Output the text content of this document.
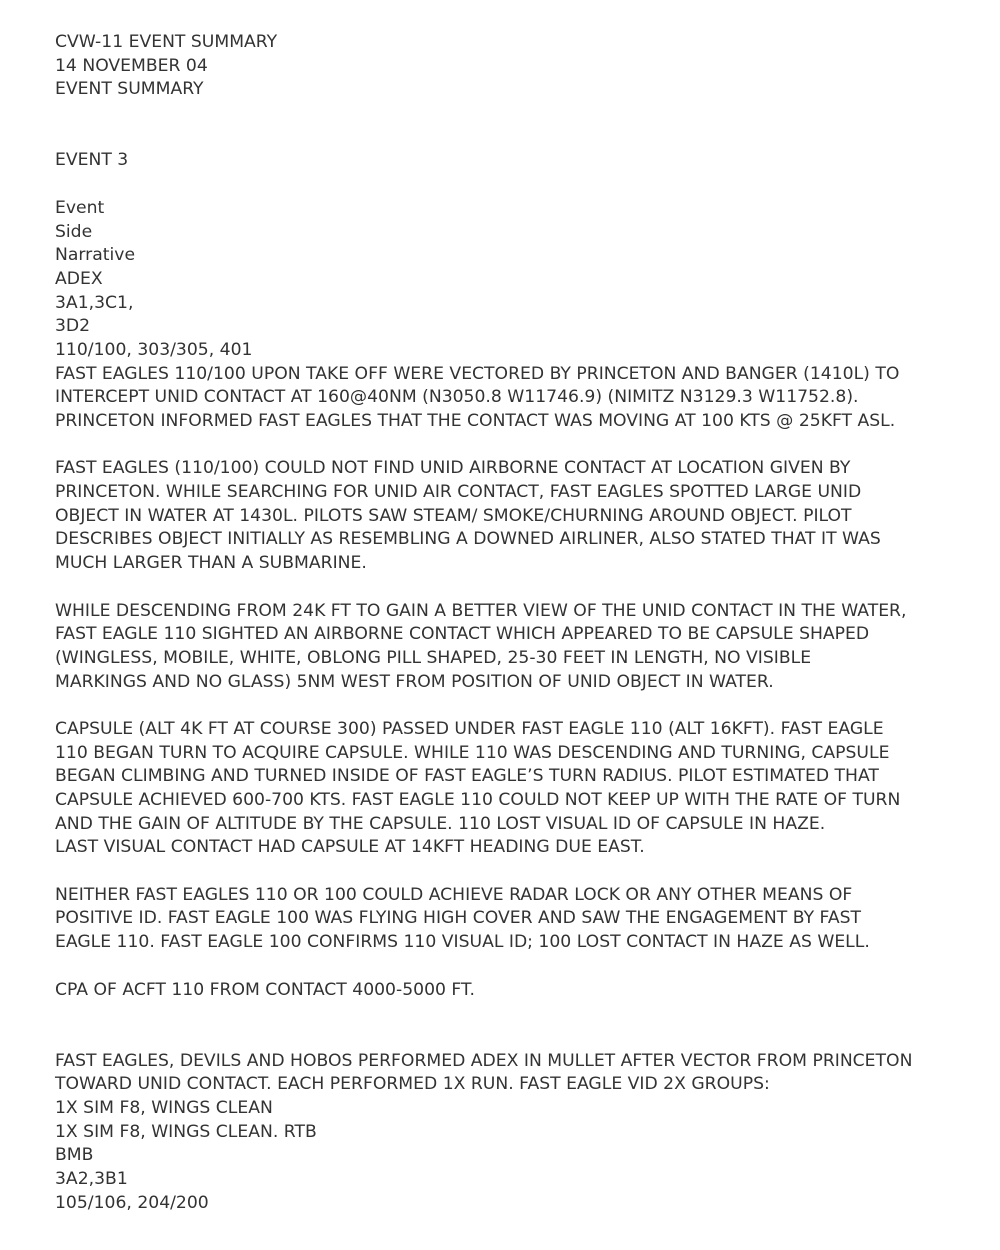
CVW-11 EVENT SUMMARY
14 NOVEMBER 04
EVENT SUMMARY
EVENT 3
Event
Side
Narrative
ADEX
3A1,3C1,
3D2
110/100, 303/305, 401
FAST EAGLES 110/100 UPON TAKE OFF WERE VECTORED BY PRINCETON AND BANGER (1410L) TO
INTERCEPT UNID CONTACT AT 160@40NM (N3050.8 W11746.9) (NIMITZ N3129.3 W11752.8).
PRINCETON INFORMED FAST EAGLES THAT THE CONTACT WAS MOVING AT 100 KTS @ 25KFT ASL.
FAST EAGLES (110/100) COULD NOT FIND UNID AIRBORNE CONTACT AT LOCATION GIVEN BY
PRINCETON. WHILE SEARCHING FOR UNID AIR CONTACT, FAST EAGLES SPOTTED LARGE UNID
OBJECT IN WATER AT 1430L. PILOTS SAW STEAM/ SMOKE/CHURNING AROUND OBJECT. PILOT
DESCRIBES OBJECT INITIALLY AS RESEMBLING A DOWNED AIRLINER, ALSO STATED THAT IT WAS
MUCH LARGER THAN A SUBMARINE.
WHILE DESCENDING FROM 24K FT TO GAIN A BETTER VIEW OF THE UNID CONTACT IN THE WATER,
FAST EAGLE 110 SIGHTED AN AIRBORNE CONTACT WHICH APPEARED TO BE CAPSULE SHAPED
(WINGLESS, MOBILE, WHITE, OBLONG PILL SHAPED, 25-30 FEET IN LENGTH, NO VISIBLE
MARKINGS AND NO GLASS) 5NM WEST FROM POSITION OF UNID OBJECT IN WATER.
CAPSULE (ALT 4K FT AT COURSE 300) PASSED UNDER FAST EAGLE 110 (ALT 16KFT). FAST EAGLE
110 BEGAN TURN TO ACQUIRE CAPSULE. WHILE 110 WAS DESCENDING AND TURNING, CAPSULE
BEGAN CLIMBING AND TURNED INSIDE OF FAST EAGLE’S TURN RADIUS. PILOT ESTIMATED THAT
CAPSULE ACHIEVED 600-700 KTS. FAST EAGLE 110 COULD NOT KEEP UP WITH THE RATE OF TURN
AND THE GAIN OF ALTITUDE BY THE CAPSULE. 110 LOST VISUAL ID OF CAPSULE IN HAZE.
LAST VISUAL CONTACT HAD CAPSULE AT 14KFT HEADING DUE EAST.
NEITHER FAST EAGLES 110 OR 100 COULD ACHIEVE RADAR LOCK OR ANY OTHER MEANS OF
POSITIVE ID. FAST EAGLE 100 WAS FLYING HIGH COVER AND SAW THE ENGAGEMENT BY FAST
EAGLE 110. FAST EAGLE 100 CONFIRMS 110 VISUAL ID; 100 LOST CONTACT IN HAZE AS WELL.
CPA OF ACFT 110 FROM CONTACT 4000-5000 FT.
FAST EAGLES, DEVILS AND HOBOS PERFORMED ADEX IN MULLET AFTER VECTOR FROM PRINCETON
TOWARD UNID CONTACT. EACH PERFORMED 1X RUN. FAST EAGLE VID 2X GROUPS:
1X SIM F8, WINGS CLEAN
1X SIM F8, WINGS CLEAN. RTB
BMB
3A2,3B1
105/106, 204/200
